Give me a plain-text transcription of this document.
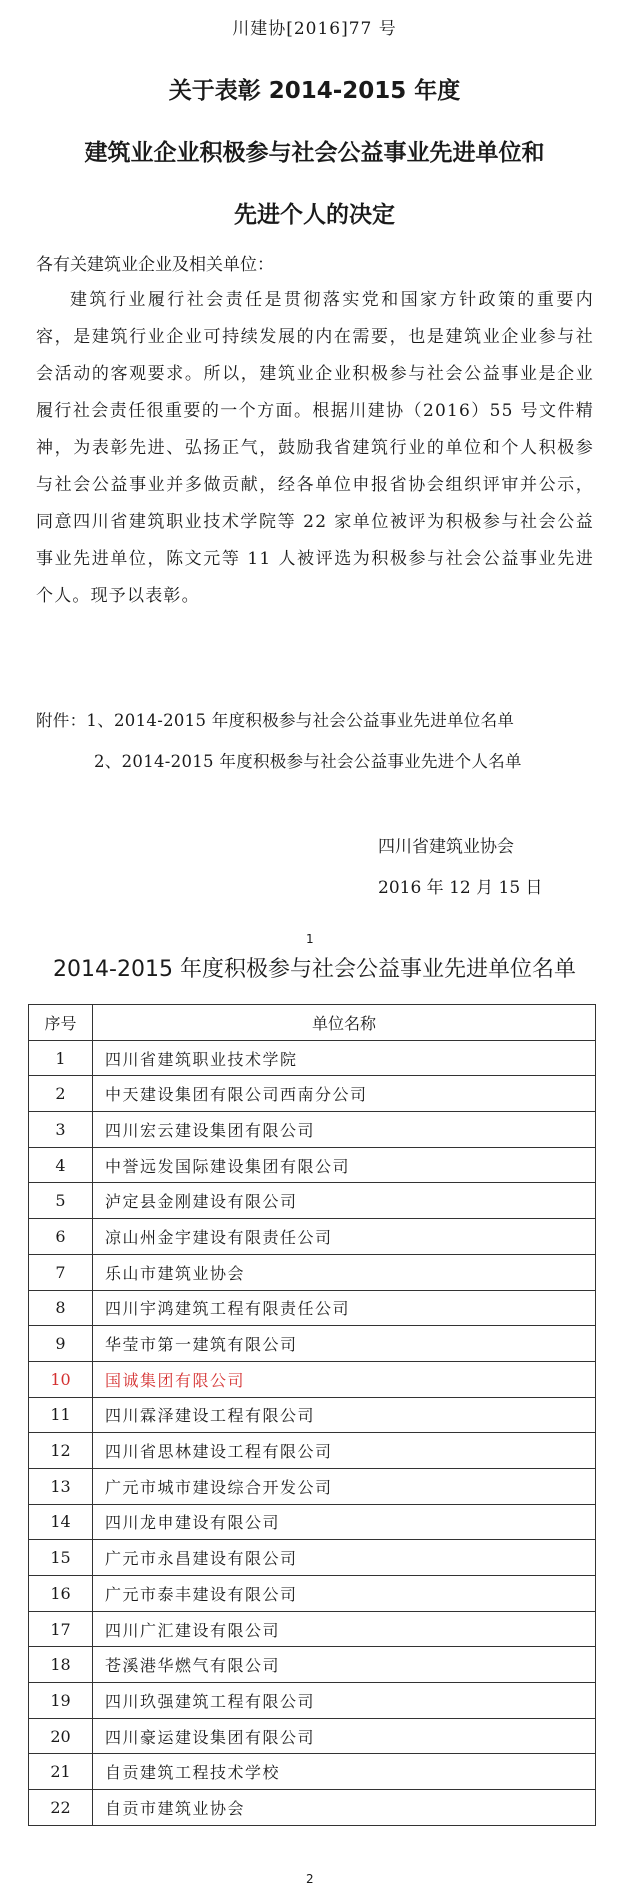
川建协[2016]77 号
关于表彰 2014-2015 年度
建筑业企业积极参与社会公益事业先进单位和
先进个人的决定
各有关建筑业企业及相关单位：
建筑行业履行社会责任是贯彻落实党和国家方针政策的重要内容，是建筑行业企业可持续发展的内在需要，也是建筑业企业参与社会活动的客观要求。所以，建筑业企业积极参与社会公益事业是企业履行社会责任很重要的一个方面。根据川建协（2016）55 号文件精神，为表彰先进、弘扬正气，鼓励我省建筑行业的单位和个人积极参与社会公益事业并多做贡献，经各单位申报省协会组织评审并公示，同意四川省建筑职业技术学院等 22 家单位被评为积极参与社会公益事业先进单位，陈文元等 11 人被评选为积极参与社会公益事业先进个人。现予以表彰。
附件：1、2014-2015 年度积极参与社会公益事业先进单位名单
2、2014-2015 年度积极参与社会公益事业先进个人名单
四川省建筑业协会
2016 年 12 月 15 日
1
2014-2015 年度积极参与社会公益事业先进单位名单
序号	单位名称
1	四川省建筑职业技术学院
2	中天建设集团有限公司西南分公司
3	四川宏云建设集团有限公司
4	中誉远发国际建设集团有限公司
5	泸定县金刚建设有限公司
6	凉山州金宇建设有限责任公司
7	乐山市建筑业协会
8	四川宇鸿建筑工程有限责任公司
9	华莹市第一建筑有限公司
10	国诚集团有限公司
11	四川霖泽建设工程有限公司
12	四川省思林建设工程有限公司
13	广元市城市建设综合开发公司
14	四川龙申建设有限公司
15	广元市永昌建设有限公司
16	广元市泰丰建设有限公司
17	四川广汇建设有限公司
18	苍溪港华燃气有限公司
19	四川玖强建筑工程有限公司
20	四川豪运建设集团有限公司
21	自贡建筑工程技术学校
22	自贡市建筑业协会
2
